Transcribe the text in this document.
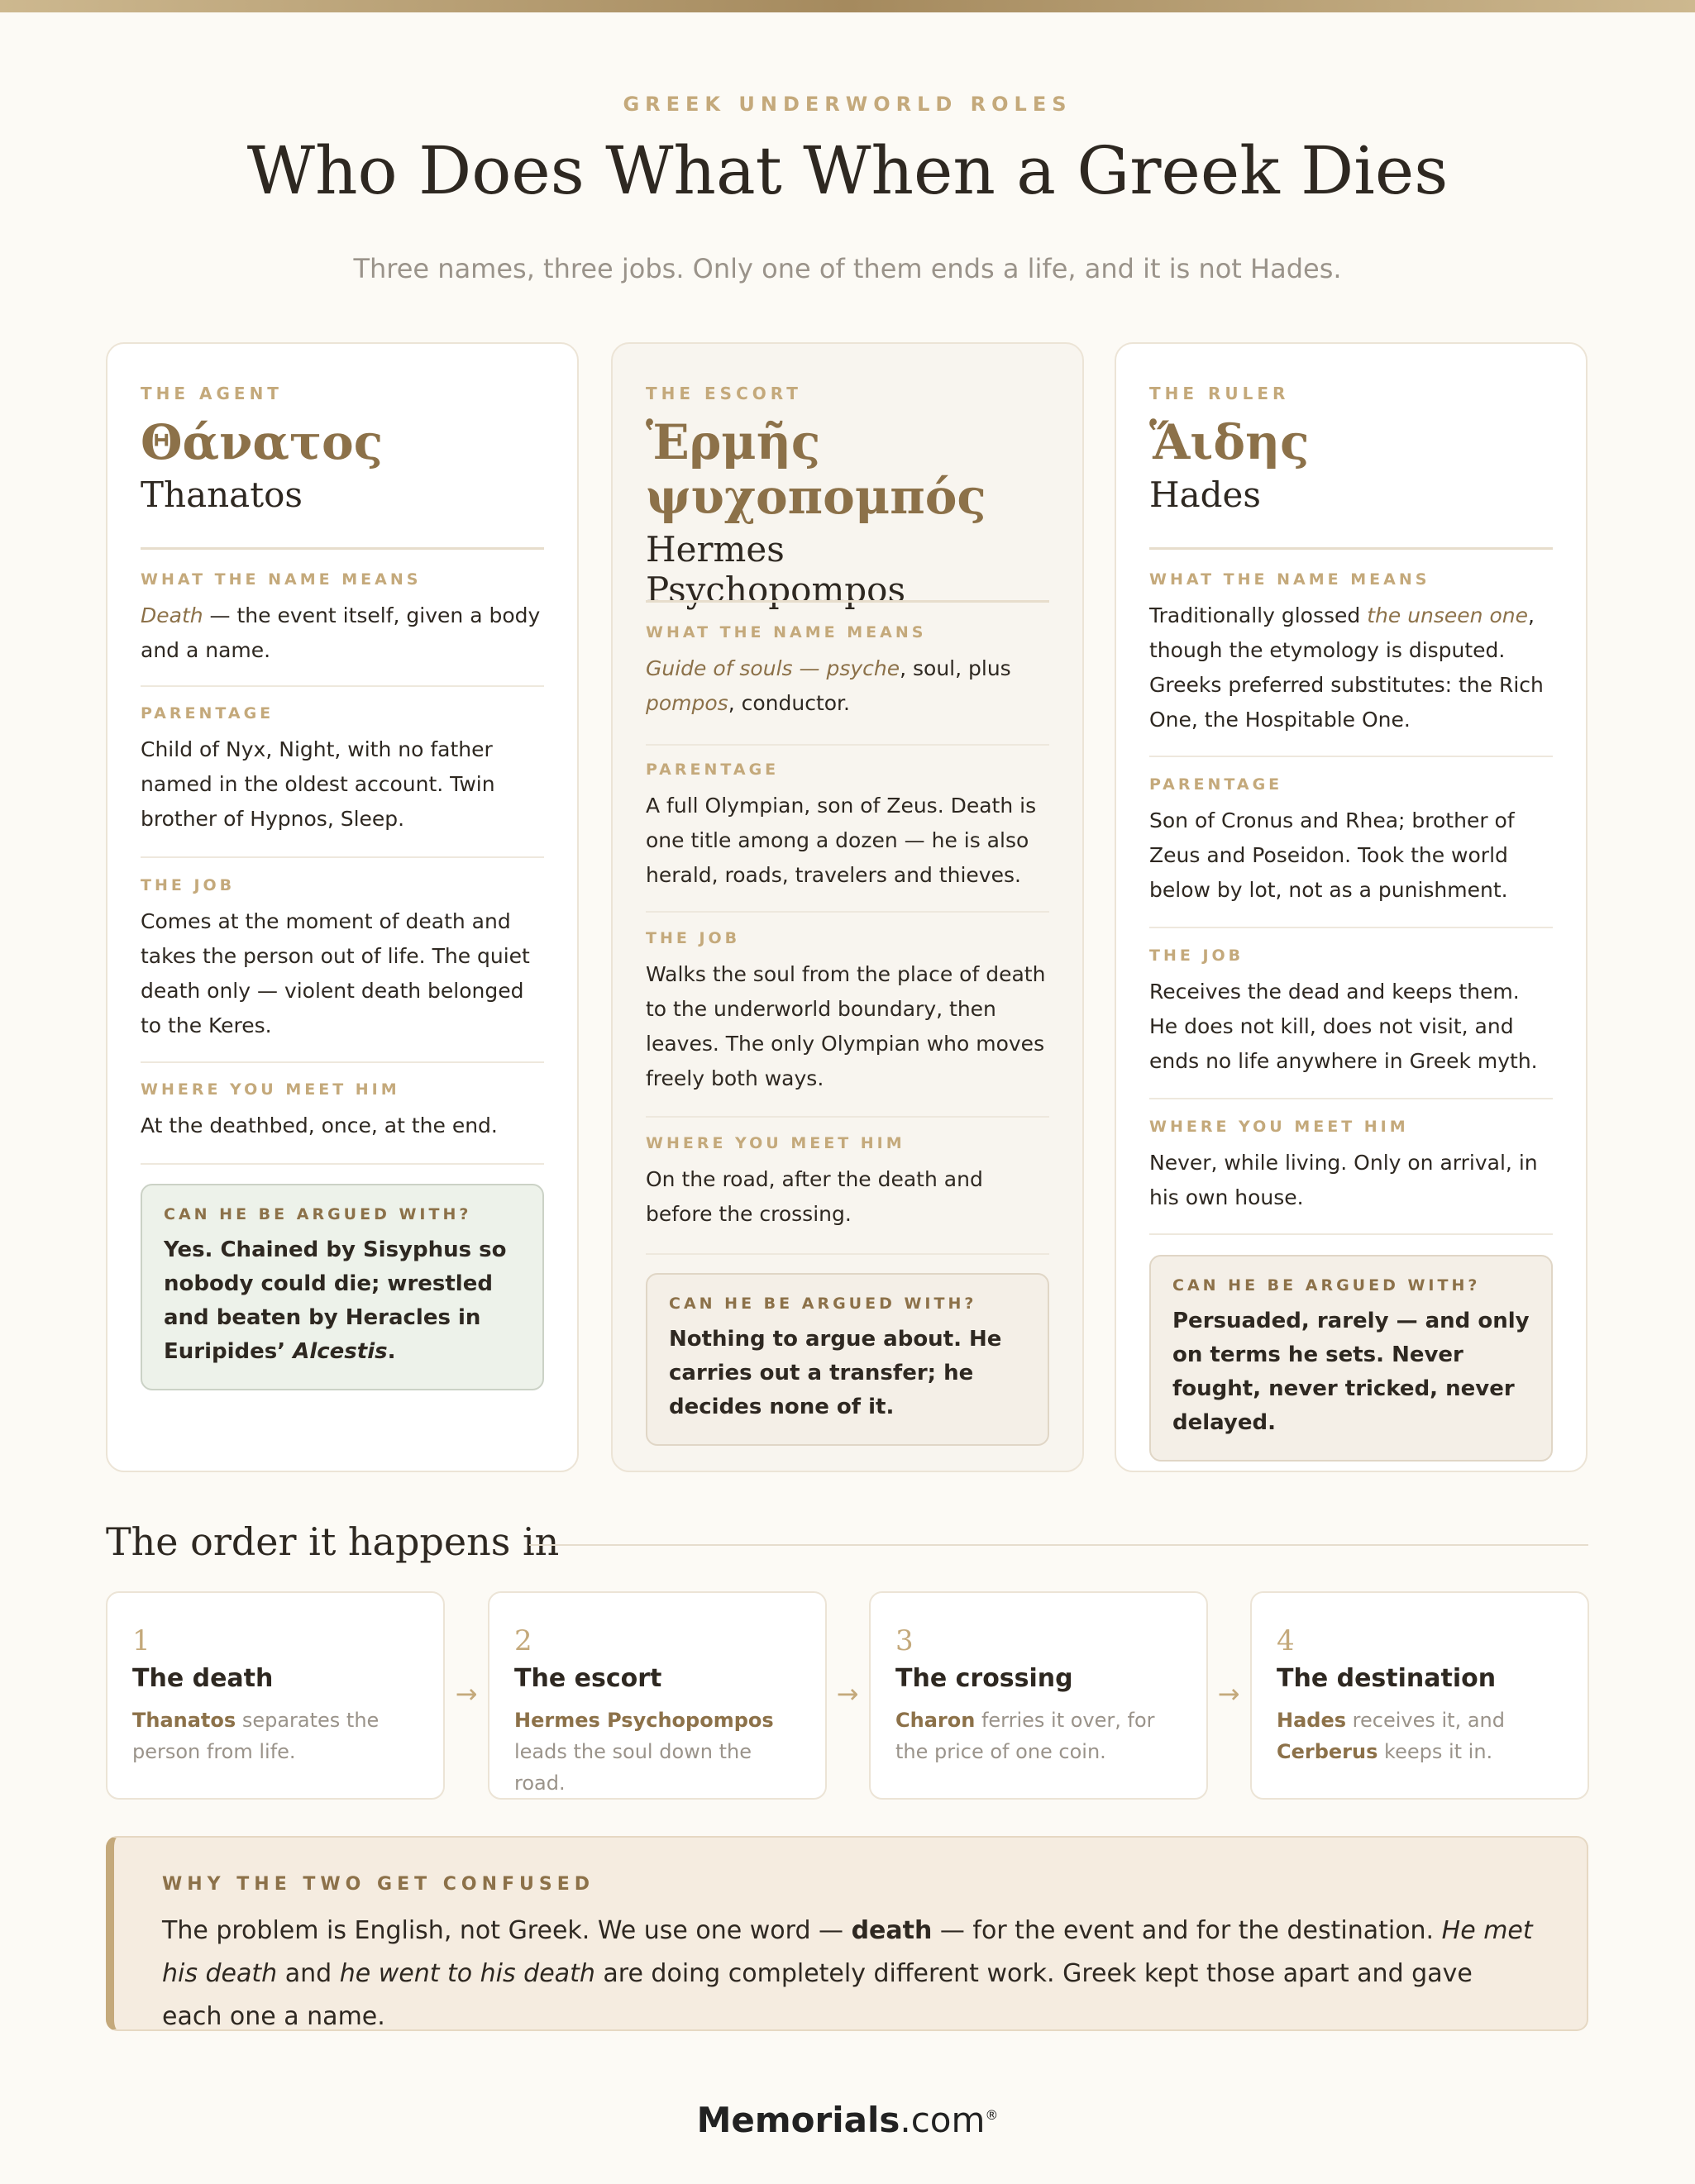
GREEK UNDERWORLD ROLES
Who Does What When a Greek Dies
Three names, three jobs. Only one of them ends a life, and it is not Hades.
THE AGENT
Θάνατος
Thanatos
WHAT THE NAME MEANS
Death — the event itself, given a body and a name.
PARENTAGE
Child of Nyx, Night, with no father named in the oldest account. Twin brother of Hypnos, Sleep.
THE JOB
Comes at the moment of death and takes the person out of life. The quiet death only — violent death belonged to the Keres.
WHERE YOU MEET HIM
At the deathbed, once, at the end.
CAN HE BE ARGUED WITH?
Yes. Chained by Sisyphus so nobody could die; wrestled and beaten by Heracles in Euripides’ Alcestis.
THE ESCORT
Ἑρμῆς
ψυχοπομπός
Hermes Psychopompos
WHAT THE NAME MEANS
Guide of souls — psyche, soul, plus pompos, conductor.
PARENTAGE
A full Olympian, son of Zeus. Death is one title among a dozen — he is also herald, roads, travelers and thieves.
THE JOB
Walks the soul from the place of death to the underworld boundary, then leaves. The only Olympian who moves freely both ways.
WHERE YOU MEET HIM
On the road, after the death and before the crossing.
CAN HE BE ARGUED WITH?
Nothing to argue about. He carries out a transfer; he decides none of it.
THE RULER
Ἅιδης
Hades
WHAT THE NAME MEANS
Traditionally glossed the unseen one, though the etymology is disputed. Greeks preferred substitutes: the Rich One, the Hospitable One.
PARENTAGE
Son of Cronus and Rhea; brother of Zeus and Poseidon. Took the world below by lot, not as a punishment.
THE JOB
Receives the dead and keeps them. He does not kill, does not visit, and ends no life anywhere in Greek myth.
WHERE YOU MEET HIM
Never, while living. Only on arrival, in his own house.
CAN HE BE ARGUED WITH?
Persuaded, rarely — and only on terms he sets. Never fought, never tricked, never delayed.
The order it happens in
1
The death
Thanatos separates the person from life.
→
2
The escort
Hermes Psychopompos leads the soul down the road.
→
3
The crossing
Charon ferries it over, for the price of one coin.
→
4
The destination
Hades receives it, and Cerberus keeps it in.
WHY THE TWO GET CONFUSED
The problem is English, not Greek. We use one word — death — for the event and for the destination. He met his death and he went to his death are doing completely different work. Greek kept those apart and gave each one a name.
Memorials.com®
